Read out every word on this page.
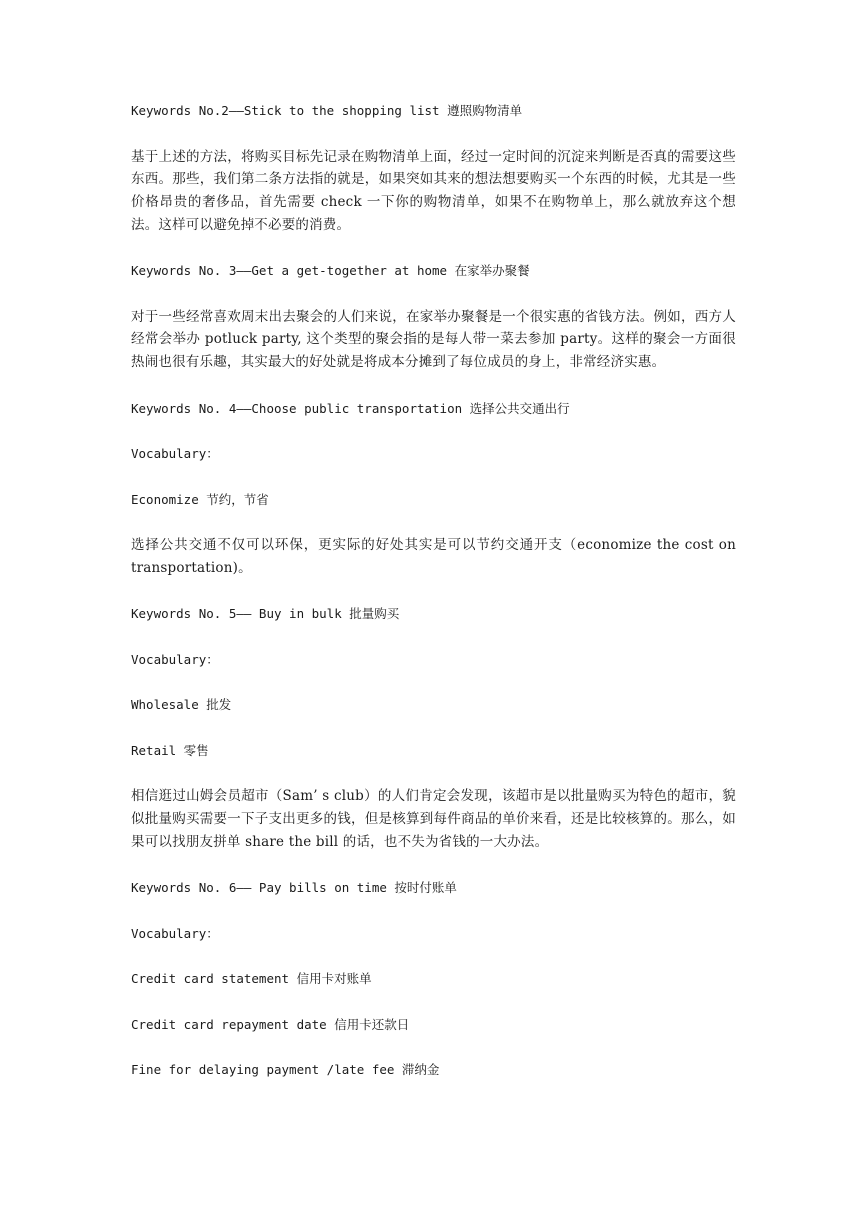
Keywords No.2——Stick to the shopping list 遵照购物清单
基于上述的方法，将购买目标先记录在购物清单上面，经过一定时间的沉淀来判断是否真的需要这些东西。那些，我们第二条方法指的就是，如果突如其来的想法想要购买一个东西的时候，尤其是一些价格昂贵的奢侈品，首先需要 check 一下你的购物清单，如果不在购物单上，那么就放弃这个想法。这样可以避免掉不必要的消费。
Keywords No. 3——Get a get-together at home 在家举办聚餐
对于一些经常喜欢周末出去聚会的人们来说，在家举办聚餐是一个很实惠的省钱方法。例如，西方人经常会举办 potluck party, 这个类型的聚会指的是每人带一菜去参加 party。这样的聚会一方面很热闹也很有乐趣，其实最大的好处就是将成本分摊到了每位成员的身上，非常经济实惠。
Keywords No. 4——Choose public transportation 选择公共交通出行
Vocabulary：
Economize 节约，节省
选择公共交通不仅可以环保，更实际的好处其实是可以节约交通开支（economize the cost on transportation)。
Keywords No. 5—— Buy in bulk 批量购买
Vocabulary：
Wholesale 批发
Retail 零售
相信逛过山姆会员超市（Sam’ s club）的人们肯定会发现，该超市是以批量购买为特色的超市，貌似批量购买需要一下子支出更多的钱，但是核算到每件商品的单价来看，还是比较核算的。那么，如果可以找朋友拼单 share the bill 的话，也不失为省钱的一大办法。
Keywords No. 6—— Pay bills on time 按时付账单
Vocabulary：
Credit card statement 信用卡对账单
Credit card repayment date 信用卡还款日
Fine for delaying payment /late fee 滞纳金
